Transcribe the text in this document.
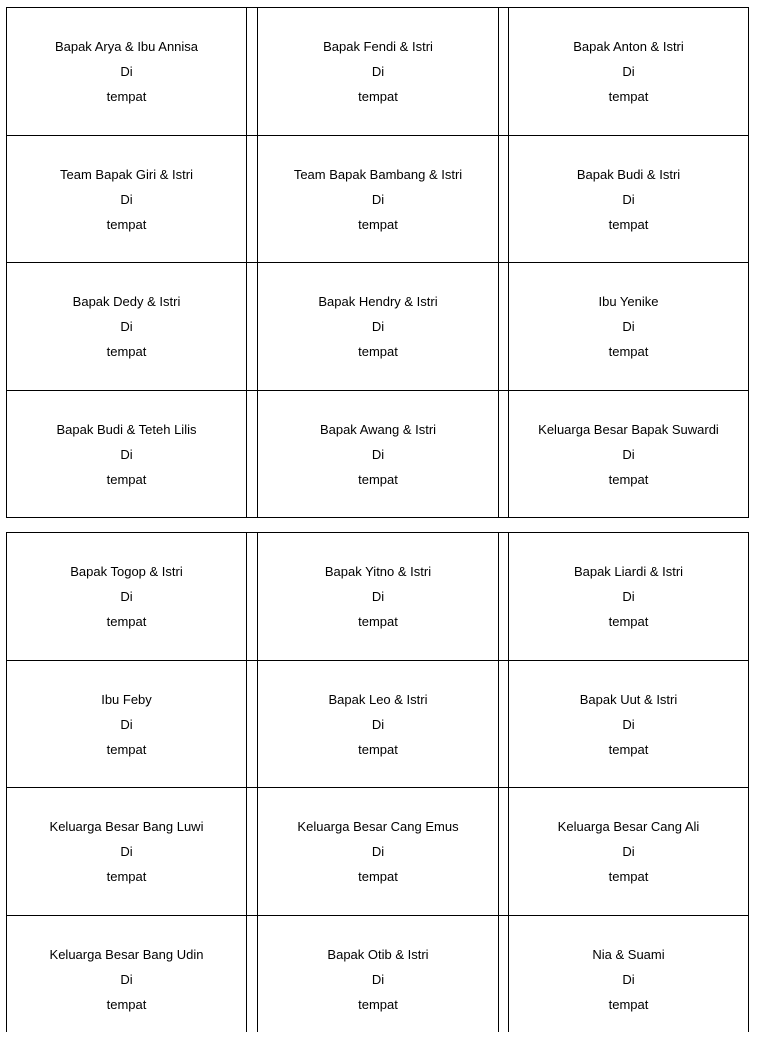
Bapak Arya & Ibu Annisa
Di
tempat
Bapak Fendi & Istri
Di
tempat
Bapak Anton & Istri
Di
tempat
Team Bapak Giri & Istri
Di
tempat
Team Bapak Bambang & Istri
Di
tempat
Bapak Budi & Istri
Di
tempat
Bapak Dedy & Istri
Di
tempat
Bapak Hendry & Istri
Di
tempat
Ibu Yenike
Di
tempat
Bapak Budi & Teteh Lilis
Di
tempat
Bapak Awang & Istri
Di
tempat
Keluarga Besar Bapak Suwardi
Di
tempat
Bapak Togop & Istri
Di
tempat
Bapak Yitno & Istri
Di
tempat
Bapak Liardi & Istri
Di
tempat
Ibu Feby
Di
tempat
Bapak Leo & Istri
Di
tempat
Bapak Uut & Istri
Di
tempat
Keluarga Besar Bang Luwi
Di
tempat
Keluarga Besar Cang Emus
Di
tempat
Keluarga Besar Cang Ali
Di
tempat
Keluarga Besar Bang Udin
Di
tempat
Bapak Otib & Istri
Di
tempat
Nia & Suami
Di
tempat
